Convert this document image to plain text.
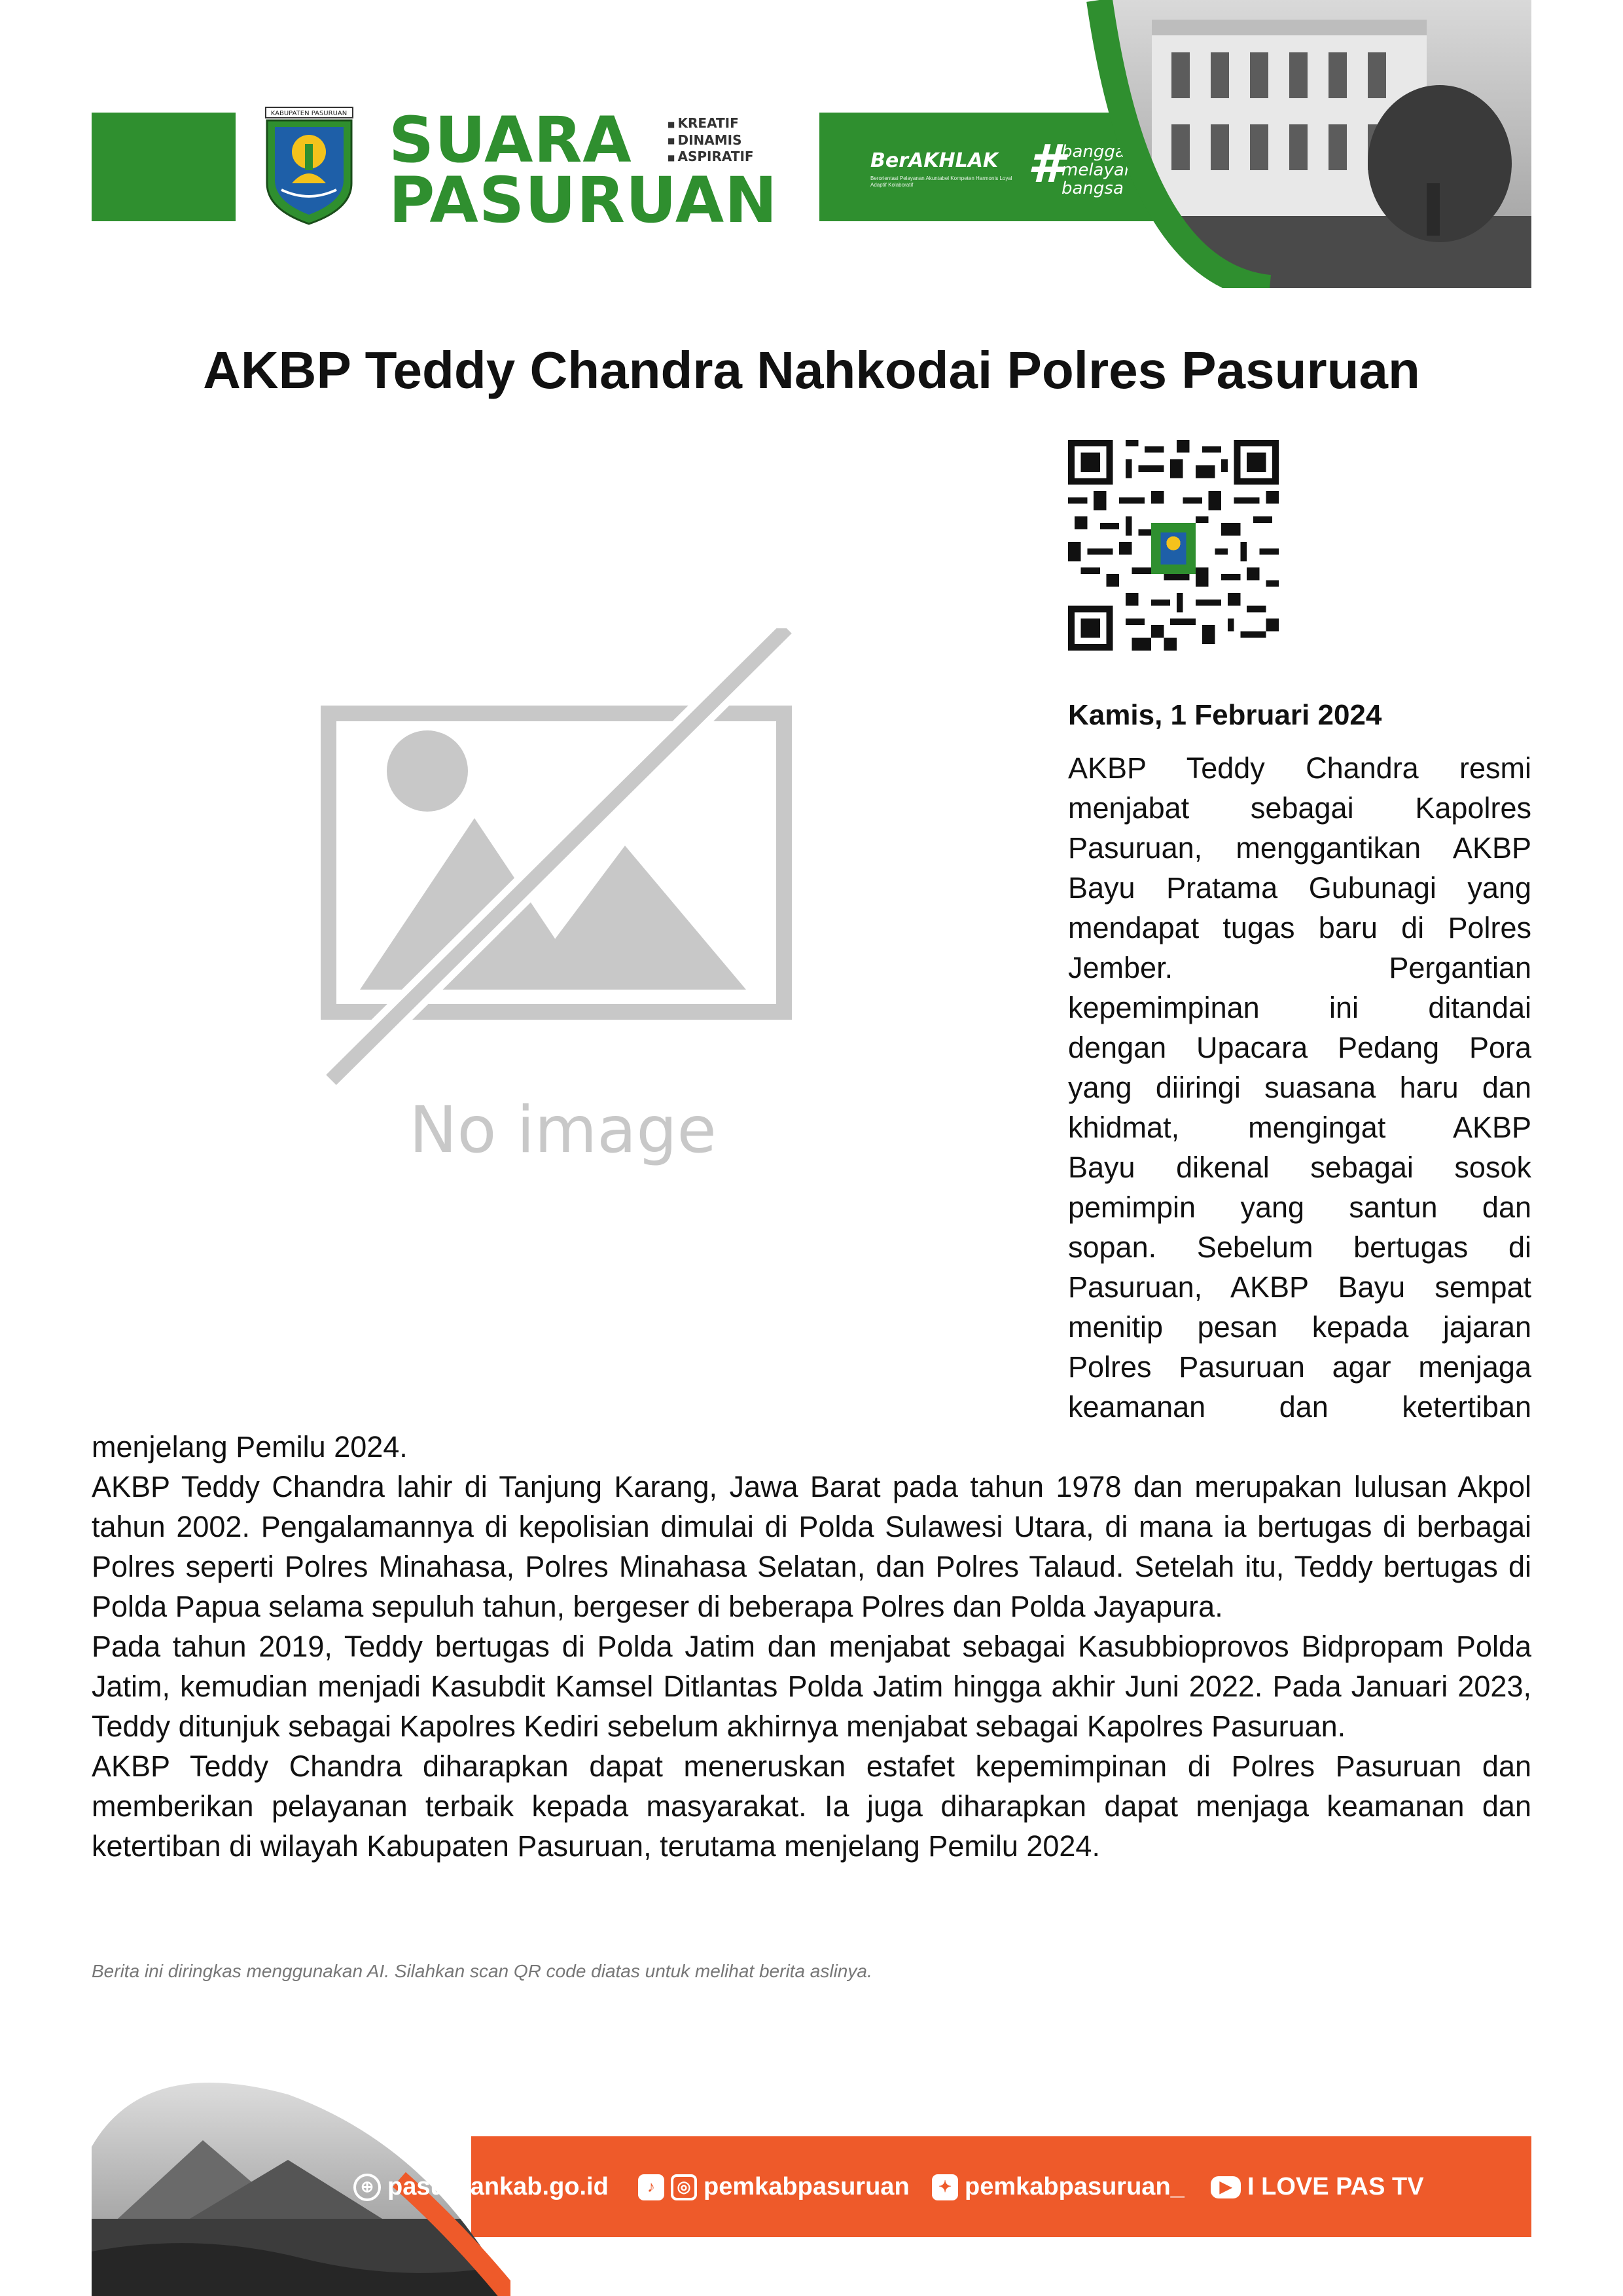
KABUPATEN PASURUAN SUARA
PASURUAN
■ KREATIF
■ DINAMIS
■ ASPIRATIF	BerAKHLAK
Berorientasi Pelayanan Akuntabel Kompeten Harmonis Loyal Adaptif Kolaboratif	#
bangga
melayani
bangsa
AKBP Teddy Chandra Nahkodai Polres Pasuruan
No image
Kamis, 1 Februari 2024

AKBP Teddy Chandra resmi

menjabat sebagai Kapolres

Pasuruan, menggantikan AKBP

Bayu Pratama Gubunagi yang

mendapat tugas baru di Polres

Jember. Pergantian

kepemimpinan ini ditandai

dengan Upacara Pedang Pora

yang diiringi suasana haru dan

khidmat, mengingat AKBP

Bayu dikenal sebagai sosok

pemimpin yang santun dan

sopan. Sebelum bertugas di

Pasuruan, AKBP Bayu sempat

menitip pesan kepada jajaran

Polres Pasuruan agar menjaga

keamanan dan ketertiban

menjelang Pemilu 2024.

AKBP Teddy Chandra lahir di Tanjung Karang, Jawa Barat pada tahun 1978 dan merupakan lulusan Akpol tahun 2002. Pengalamannya di kepolisian dimulai di Polda Sulawesi Utara, di mana ia bertugas di berbagai Polres seperti Polres Minahasa, Polres Minahasa Selatan, dan Polres Talaud. Setelah itu, Teddy bertugas di Polda Papua selama sepuluh tahun, bergeser di beberapa Polres dan Polda Jayapura.

Pada tahun 2019, Teddy bertugas di Polda Jatim dan menjabat sebagai Kasubbioprovos Bidpropam Polda Jatim, kemudian menjadi Kasubdit Kamsel Ditlantas Polda Jatim hingga akhir Juni 2022. Pada Januari 2023, Teddy ditunjuk sebagai Kapolres Kediri sebelum akhirnya menjabat sebagai Kapolres Pasuruan.

AKBP Teddy Chandra diharapkan dapat meneruskan estafet kepemimpinan di Polres Pasuruan dan memberikan pelayanan terbaik kepada masyarakat. Ia juga diharapkan dapat menjaga keamanan dan ketertiban di wilayah Kabupaten Pasuruan, terutama menjelang Pemilu 2024.

Berita ini diringkas menggunakan AI. Silahkan scan QR code diatas untuk melihat berita aslinya.
⊕ pasuruankab.go.id	♪	◎ pemkabpasuruan	✦ pemkabpasuruan_	▶ I LOVE PAS TV
